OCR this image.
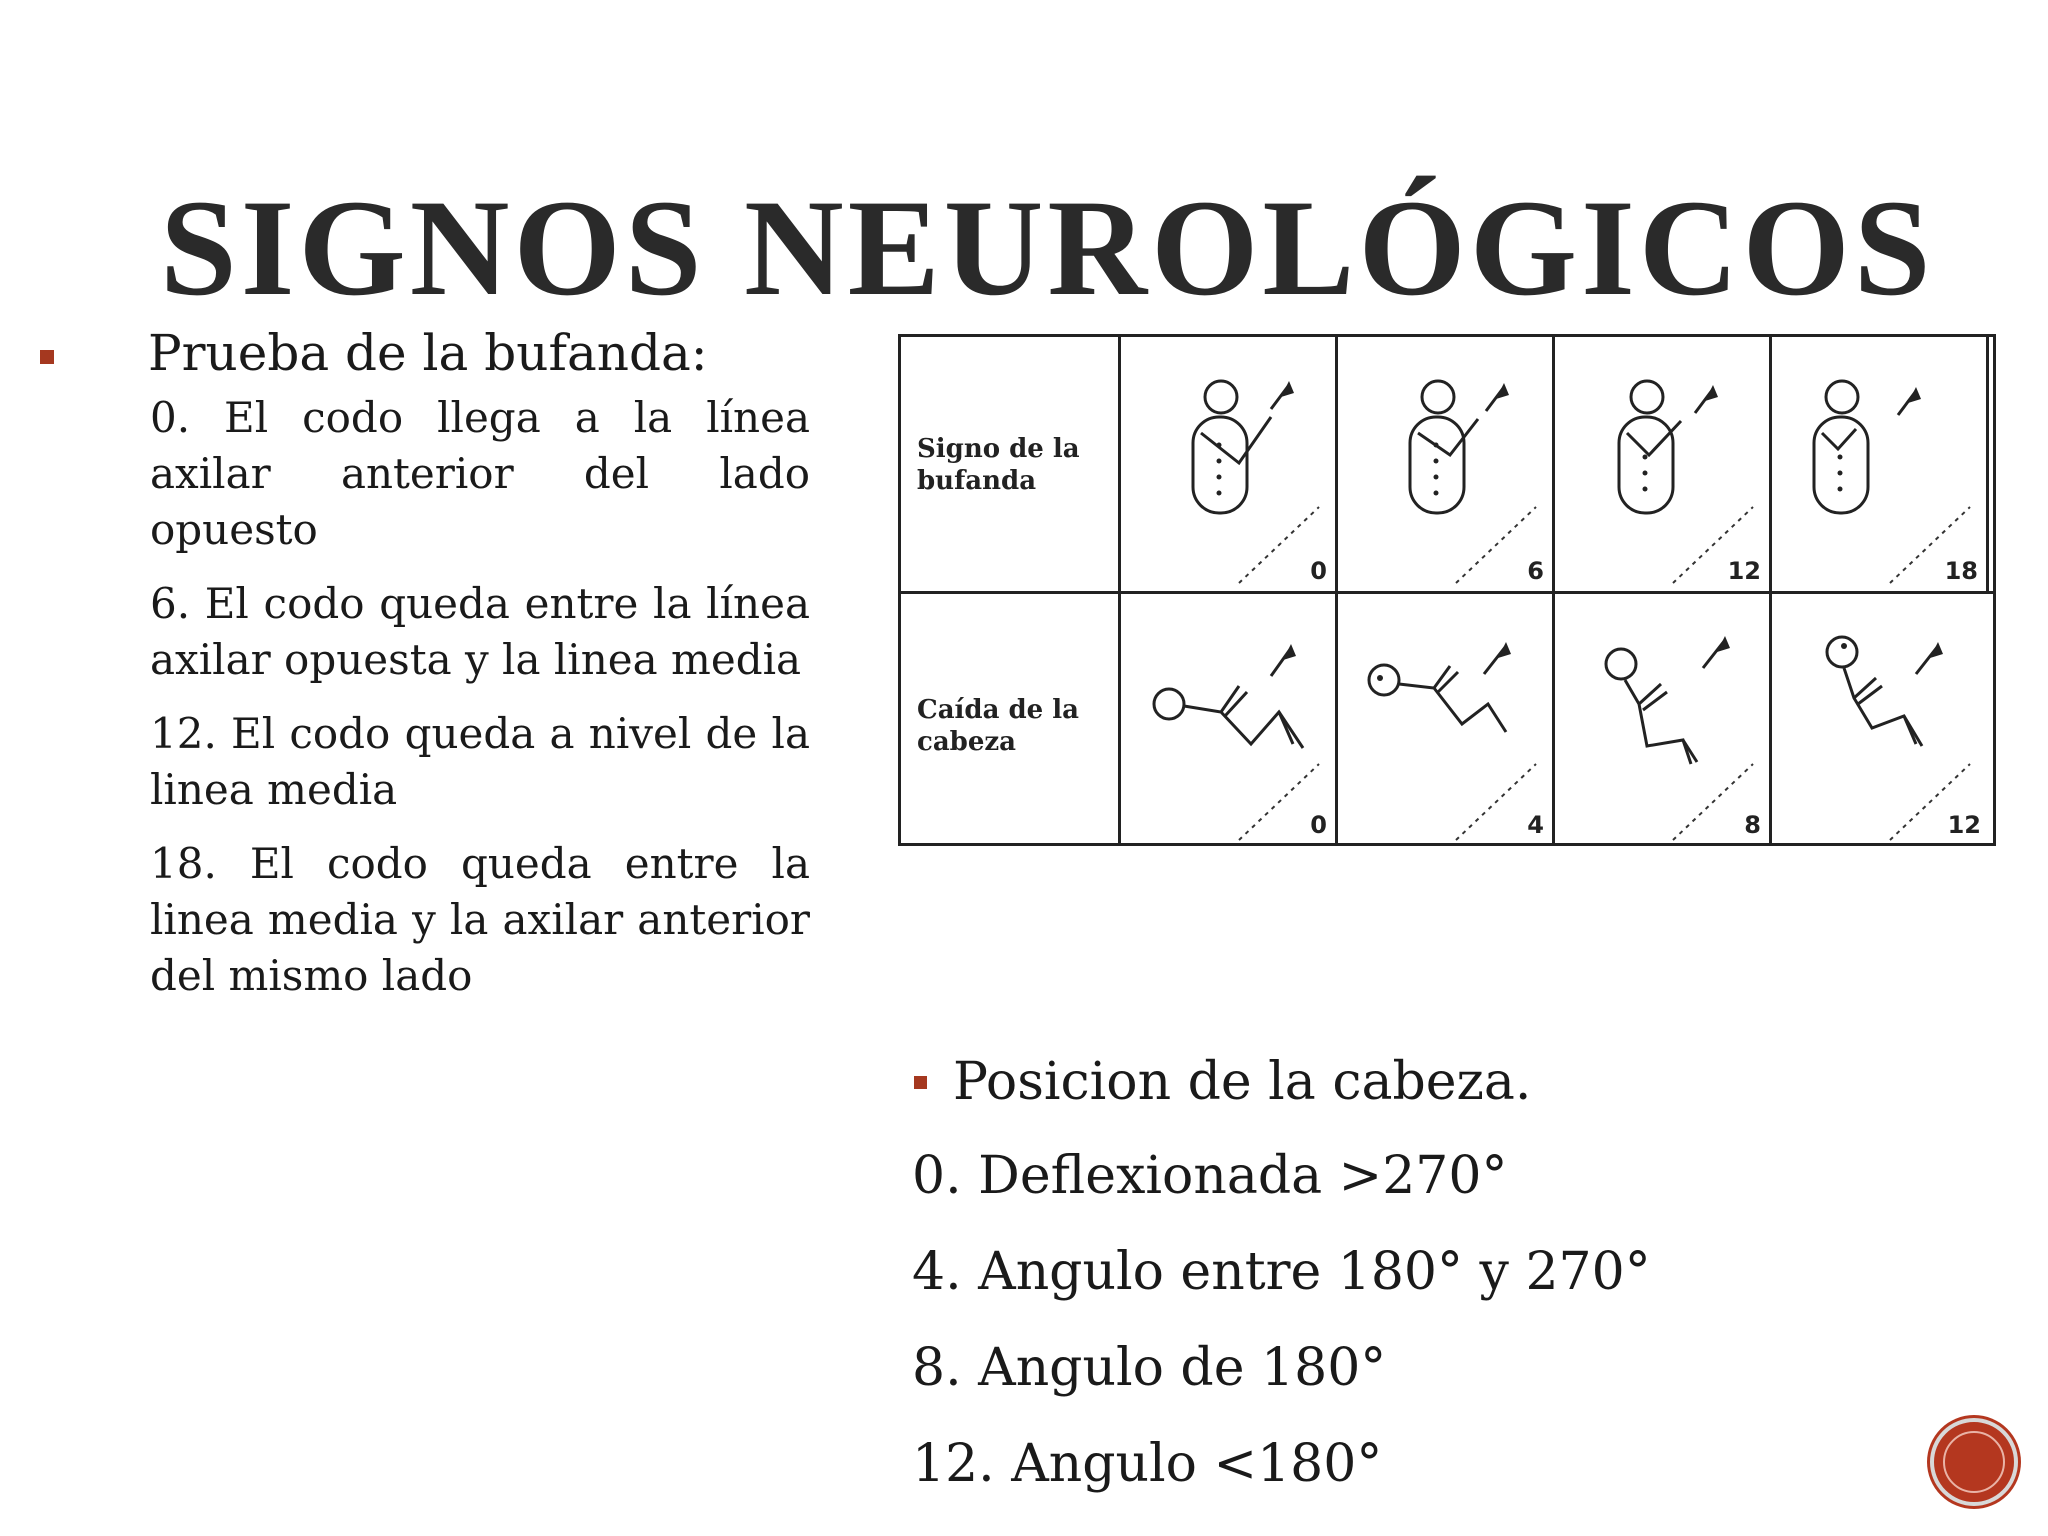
SIGNOS NEUROLÓGICOS
Prueba de la bufanda:

0. El codo llega a la línea axilar anterior del lado opuesto

6. El codo queda entre la línea axilar opuesta y la linea media

12. El codo queda a nivel de la linea media

18. El codo queda entre la linea media y la axilar anterior del mismo lado

Signo de la bufanda
0	6	12	18
Caída de la cabeza
0	4	8	12
Posicion de la cabeza.

0. Deflexionada >270°

4. Angulo entre 180° y 270°

8. Angulo de 180°

12. Angulo <180°
